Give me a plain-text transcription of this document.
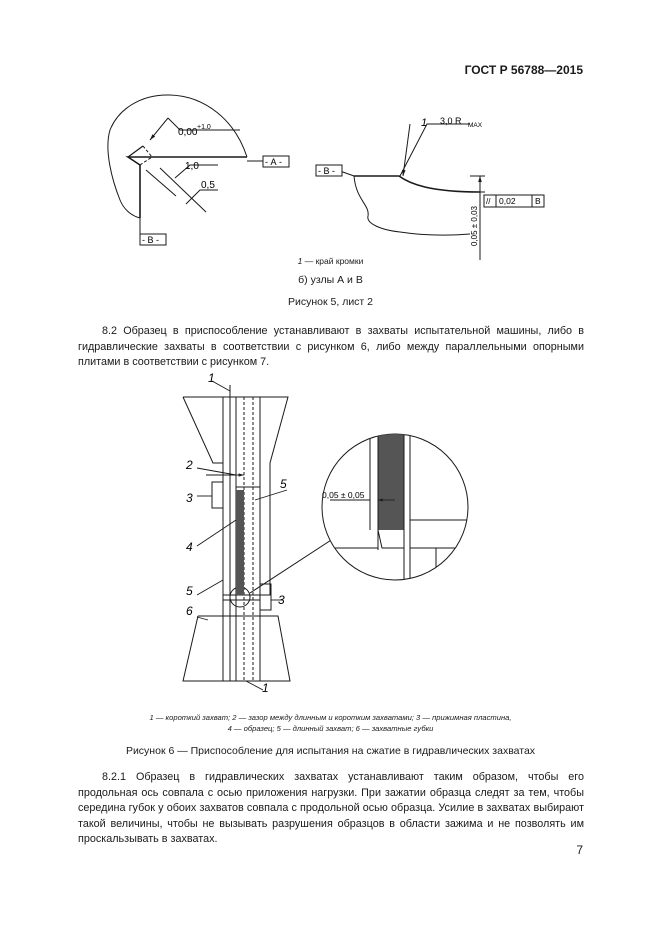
ГОСТ Р 56788—2015
0,00 +1,0
1,0
0,5
- А -
- В -
1 3,0 R MAX
- В -
// 0,02 В
0,05 ± 0,03
1
2
3
4
5
5
6
3
1
0,05 ± 0,05
1 — край кромки
б) узлы А и В
Рисунок 5, лист 2
8.2 Образец в приспособление устанавливают в захваты испытательной машины, либо в гидравлические захваты в соответствии с рисунком 6, либо между параллельными опорными плитами в соответствии с рисунком 7.
1 — короткий захват; 2 — зазор между длинным и коротким захватами; 3 — прижимная пластина,
4 — образец; 5 — длинный захват; 6 — захватные губки
Рисунок 6 — Приспособление для испытания на сжатие в гидравлических захватах
8.2.1 Образец в гидравлических захватах устанавливают таким образом, чтобы его продольная ось совпала с осью приложения нагрузки. При зажатии образца следят за тем, чтобы середина губок у обоих захватов совпала с продольной осью образца. Усилие в захватах выбирают такой величины, чтобы не вызывать разрушения образцов в области зажима и не позволять им проскальзывать в захватах.
7
